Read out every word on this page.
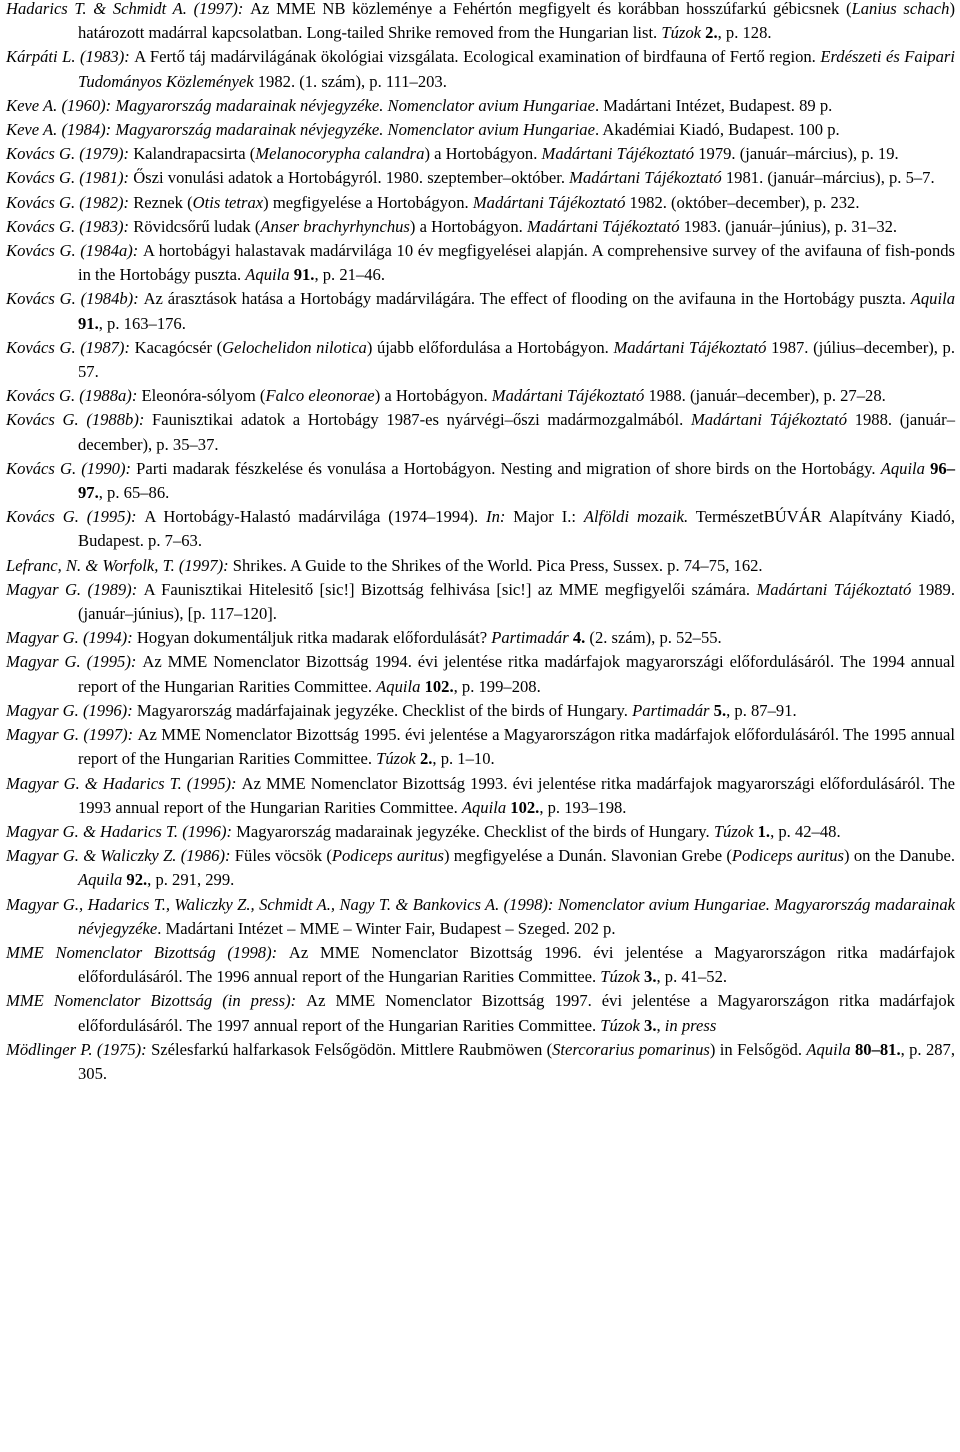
Hadarics T. & Schmidt A. (1997): Az MME NB közleménye a Fehértón megfigyelt és korábban hosszúfarkú gébicsnek (Lanius schach) határozott madárral kapcsolatban. Long-tailed Shrike removed from the Hungarian list. Túzok 2., p. 128.

Kárpáti L. (1983): A Fertő táj madárvilágának ökológiai vizsgálata. Ecological examination of birdfauna of Fertő region. Erdészeti és Faipari Tudományos Közlemények 1982. (1. szám), p. 111–203.

Keve A. (1960): Magyarország madarainak névjegyzéke. Nomenclator avium Hungariae. Madártani Intézet, Budapest. 89 p.

Keve A. (1984): Magyarország madarainak névjegyzéke. Nomenclator avium Hungariae. Akadémiai Kiadó, Budapest. 100 p.

Kovács G. (1979): Kalandrapacsirta (Melanocorypha calandra) a Hortobágyon. Madártani Tájékoztató 1979. (január–március), p. 19.

Kovács G. (1981): Őszi vonulási adatok a Hortobágyról. 1980. szeptember–október. Madártani Tájékoztató 1981. (január–március), p. 5–7.

Kovács G. (1982): Reznek (Otis tetrax) megfigyelése a Hortobágyon. Madártani Tájékoztató 1982. (október–december), p. 232.

Kovács G. (1983): Rövidcsőrű ludak (Anser brachyrhynchus) a Hortobágyon. Madártani Tájékoztató 1983. (január–június), p. 31–32.

Kovács G. (1984a): A hortobágyi halastavak madárvilága 10 év megfigyelései alapján. A comprehensive survey of the avifauna of fish-ponds in the Hortobágy puszta. Aquila 91., p. 21–46.

Kovács G. (1984b): Az árasztások hatása a Hortobágy madárvilágára. The effect of flooding on the avifauna in the Hortobágy puszta. Aquila 91., p. 163–176.

Kovács G. (1987): Kacagócsér (Gelochelidon nilotica) újabb előfordulása a Hortobágyon. Madártani Tájékoztató 1987. (július–december), p. 57.

Kovács G. (1988a): Eleonóra-sólyom (Falco eleonorae) a Hortobágyon. Madártani Tájékoztató 1988. (január–december), p. 27–28.

Kovács G. (1988b): Faunisztikai adatok a Hortobágy 1987-es nyárvégi–őszi madármozgalmából. Madártani Tájékoztató 1988. (január–december), p. 35–37.

Kovács G. (1990): Parti madarak fészkelése és vonulása a Hortobágyon. Nesting and migration of shore birds on the Hortobágy. Aquila 96–97., p. 65–86.

Kovács G. (1995): A Hortobágy-Halastó madárvilága (1974–1994). In: Major I.: Alföldi mozaik. TermészetBÚVÁR Alapítvány Kiadó, Budapest. p. 7–63.

Lefranc, N. & Worfolk, T. (1997): Shrikes. A Guide to the Shrikes of the World. Pica Press, Sussex. p. 74–75, 162.

Magyar G. (1989): A Faunisztikai Hitelesitő [sic!] Bizottság felhivása [sic!] az MME megfigyelői számára. Madártani Tájékoztató 1989. (január–június), [p. 117–120].

Magyar G. (1994): Hogyan dokumentáljuk ritka madarak előfordulását? Partimadár 4. (2. szám), p. 52–55.

Magyar G. (1995): Az MME Nomenclator Bizottság 1994. évi jelentése ritka madárfajok magyarországi előfordulásáról. The 1994 annual report of the Hungarian Rarities Committee. Aquila 102., p. 199–208.

Magyar G. (1996): Magyarország madárfajainak jegyzéke. Checklist of the birds of Hungary. Partimadár 5., p. 87–91.

Magyar G. (1997): Az MME Nomenclator Bizottság 1995. évi jelentése a Magyarországon ritka madárfajok előfordulásáról. The 1995 annual report of the Hungarian Rarities Committee. Túzok 2., p. 1–10.

Magyar G. & Hadarics T. (1995): Az MME Nomenclator Bizottság 1993. évi jelentése ritka madárfajok magyarországi előfordulásáról. The 1993 annual report of the Hungarian Rarities Committee. Aquila 102., p. 193–198.

Magyar G. & Hadarics T. (1996): Magyarország madarainak jegyzéke. Checklist of the birds of Hungary. Túzok 1., p. 42–48.

Magyar G. & Waliczky Z. (1986): Füles vöcsök (Podiceps auritus) megfigyelése a Dunán. Slavonian Grebe (Podiceps auritus) on the Danube. Aquila 92., p. 291, 299.

Magyar G., Hadarics T., Waliczky Z., Schmidt A., Nagy T. & Bankovics A. (1998): Nomenclator avium Hungariae. Magyarország madarainak névjegyzéke. Madártani Intézet – MME – Winter Fair, Budapest – Szeged. 202 p.

MME Nomenclator Bizottság (1998): Az MME Nomenclator Bizottság 1996. évi jelentése a Magyarországon ritka madárfajok előfordulásáról. The 1996 annual report of the Hungarian Rarities Committee. Túzok 3., p. 41–52.

MME Nomenclator Bizottság (in press): Az MME Nomenclator Bizottság 1997. évi jelentése a Magyarországon ritka madárfajok előfordulásáról. The 1997 annual report of the Hungarian Rarities Committee. Túzok 3., in press

Mödlinger P. (1975): Szélesfarkú halfarkasok Felsőgödön. Mittlere Raubmöwen (Stercorarius pomarinus) in Felsőgöd. Aquila 80–81., p. 287, 305.
